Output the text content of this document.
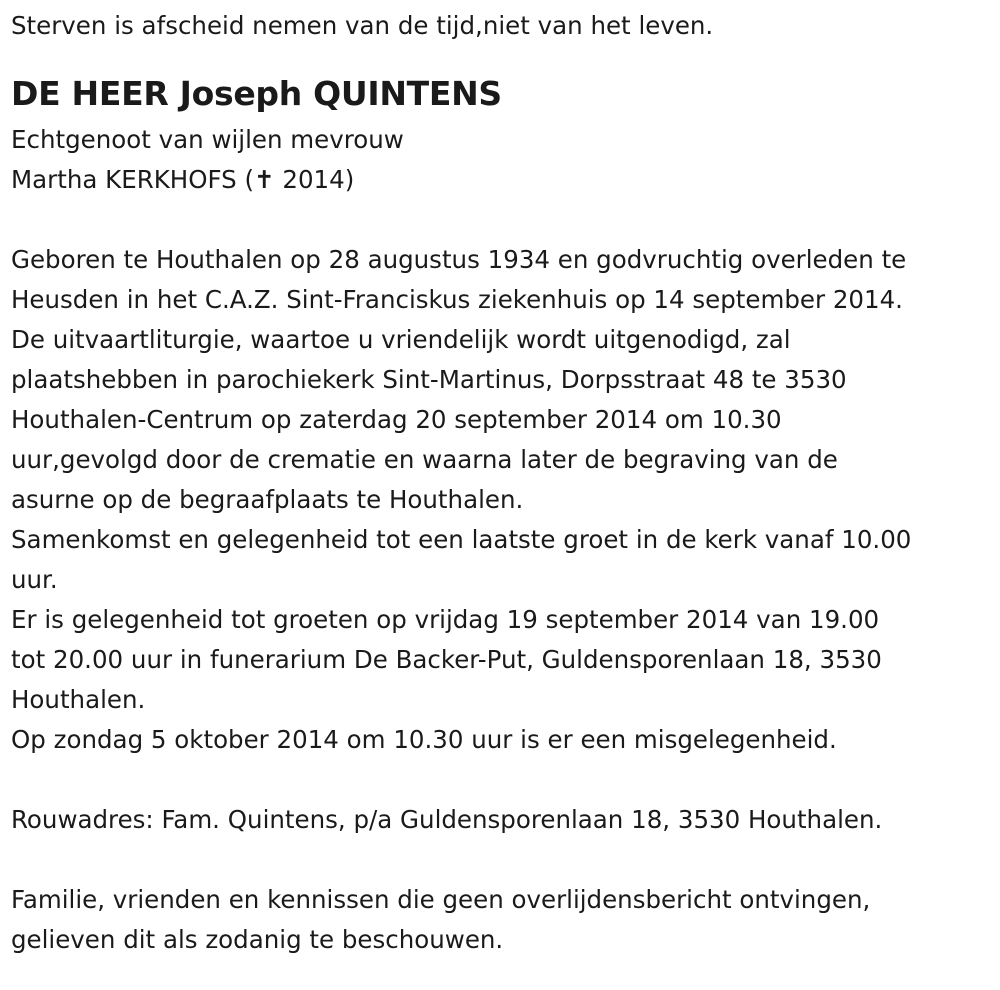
Sterven is afscheid nemen van de tijd,niet van het leven.
DE HEER Joseph QUINTENS
Echtgenoot van wijlen mevrouw
Martha KERKHOFS (✝ 2014)
Geboren te Houthalen op 28 augustus 1934 en godvruchtig overleden te
Heusden in het C.A.Z. Sint-Franciskus ziekenhuis op 14 september 2014.
De uitvaartliturgie, waartoe u vriendelijk wordt uitgenodigd, zal
plaatshebben in parochiekerk Sint-Martinus, Dorpsstraat 48 te 3530
Houthalen-Centrum op zaterdag 20 september 2014 om 10.30
uur,gevolgd door de crematie en waarna later de begraving van de
asurne op de begraafplaats te Houthalen.
Samenkomst en gelegenheid tot een laatste groet in de kerk vanaf 10.00
uur.
Er is gelegenheid tot groeten op vrijdag 19 september 2014 van 19.00
tot 20.00 uur in funerarium De Backer-Put, Guldensporenlaan 18, 3530
Houthalen.
Op zondag 5 oktober 2014 om 10.30 uur is er een misgelegenheid.
Rouwadres: Fam. Quintens, p/a Guldensporenlaan 18, 3530 Houthalen.
Familie, vrienden en kennissen die geen overlijdensbericht ontvingen,
gelieven dit als zodanig te beschouwen.
